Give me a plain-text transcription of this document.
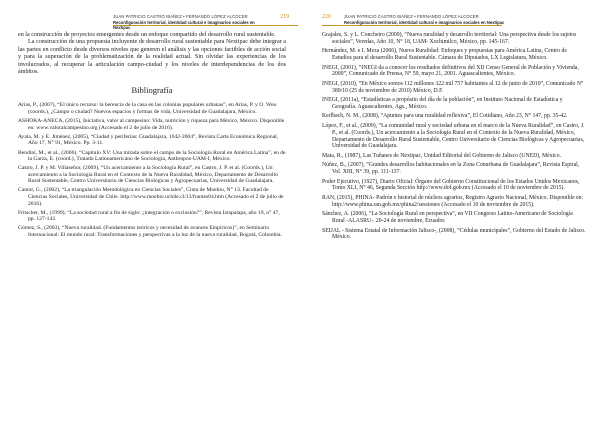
JUAN PATRICIO CASTRO IBÁÑEZ • FERNANDO LÓPEZ ALCOCER
Reconfiguración territorial, identidad cultural e imaginarios sociales en Nextipac
219

en la construcción de proyectos emergentes desde un enfoque compartido del desarrollo rural sustentable.

La construcción de una propuesta incluyente de desarrollo rural sustentable para Nextipac debe integrar a las partes en conflicto desde diversos niveles que generen el análisis y las opciones factibles de acción social y para la superación de la problematización de la realidad actual. Sin olvidar las experiencias de los involucrados, al recuperar la articulación campo-ciudad y los niveles de interdependencias de los dos ámbitos.

Bibliografía

Arias, P., (2007), “El único recurso: la herencia de la casa en las colonias populares urbanas”, en Arias, P. y O. Woo (coords.), ¿Campo o ciudad? Nuevos espacios y formas de vida, Universidad de Guadalajara, México.

ASHOKA-ANECA, (2015), Iniciativa, valor al campesino: Vida, nutrición y riqueza para México, México. Disponible en: www.valoralcampesino.org (Accesado el 2 de julio de 2016).

Ayala, M. y E. Jiménez, (2005), “Ciudad y periferias: Guadalajara, 1642-2004”, Revista Carta Económica Regional, Año 17, N° 91, México. Pp. 3-11.

Bendini, M., et al., (2006), “Capítulo XV: Una mirada sobre el campo de la Sociología Rural en América Latina”, en de la Garza, E. (coord.), Tratado Latinoamericano de Sociología, Anthropos-UAM-I, México.

Castro, J. P. y M. Villaseñor, (2009), “Un acercamiento a la Sociología Rural”, en Castro, J. P. et al. (Coords.), Un acercamiento a la Sociología Rural en el Contexto de la Nueva Ruralidad, México, Departamento de Desarrollo Rural Sustentable, Centro Universitario de Ciencias Biológicas y Agropecuarias, Universidad de Guadalajara.

Cantor, G., (2002), “La triangulación Metodológica en Ciencias Sociales”, Cinta de Moebio, N° 13. Facultad de Ciencias Sociales, Universidad de Chile. http://www.moebio.uchile.cl/13/frames04.htm (Accesado el 2 de julio de 2016).

Fritscher, M., (1999), “La sociedad rural a fin de siglo: ¿integración o exclusión?”, Revista Iztapalapa, año 19, n° 47, pp. 127-142.

Gómez, S., (2003), “Nueva ruralidad. (Fundamentos teóricos y necesidad de avances Empíricos)”, en Seminario Internacional: El mundo rural: Transformaciones y perspectivas a la luz de la nueva ruralidad, Bogotá, Colombia.

220	JUAN PATRICIO CASTRO IBÁÑEZ • FERNANDO LÓPEZ ALCOCER
Reconfiguración territorial, identidad cultural e imaginarios sociales en Nextipac

Grajales, S. y L. Concheiro (2009), “Nueva ruralidad y desarrollo territorial: Una perspectiva desde los sujetos sociales”, Veredas, Año 10, N° 18, UAM- Xochimilco, México, pp. 145-167.

Hernández, M. e I. Meza (2006), Nueva Ruralidad: Enfoques y propuestas para América Latina, Centro de Estudios para el desarrollo Rural Sustentable. Cámara de Diputados, LX Legislatura, México.

INEGI, (2001), “INEGI da a conocer los resultados definitivos del XII Censo General de Población y Vivienda, 2000”, Comunicado de Prensa, N° 59, mayo 21, 2001. Aguascalientes, México.

INEGI, (2010), “En México somos 112 millones 322 mil 757 habitantes al 12 de junio de 2010”, Comunicado N° 389/10 (25 de noviembre de 2010) México, D.F.

INEGI, (2011a), “Estadísticas a propósito del día de la población”, en Instituto Nacional de Estadística y Geografía. Aguascalientes, Ags., México.

Kerlbach, N. M., (2008), “Apuntes para una ruralidad reflexiva”, El Cotidiano, Año 23, N° 147, pp. 35-42.

López, F., et al., (2009), “La comunidad rural y sociedad urbana en el marco de la Nueva Ruralidad”, en Castro, J. P., et al. (Coords.), Un acercamiento a la Sociología Rural en el Contexto de la Nueva Ruralidad, México, Departamento de Desarrollo Rural Sustentable, Centro Universitario de Ciencias Biológicas y Agropecuarias, Universidad de Guadalajara.

Mata, R., (1987), Las Tuñanes de Nextipac, Unidad Editorial del Gobierno de Jalisco (UNED), México.

Núñez, B., (2007), “Grandes desarrollos habitacionales en la Zona Conurbana de Guadalajara”, Revista Espiral, Vol. XIII, N° 39, pp. 111-137.

Poder Ejecutivo, (1927), Diario Oficial: Órgano del Gobierno Constitucional de los Estados Unidos Mexicanos, Tomo XLI, N° 46, Segunda Sección http://www.dof.gob.mx (Accesado el 10 de noviembre de 2015).

RAN, (2015), PHINA- Padrón e historial de núcleos agrarios, Registro Agrario Nacional, México. Disponible en: http://www.phina.ran.gob.mx/phina2/sessiones (Accesado el 10 de noviembre de 2015).

Sánchez, A. (2006), “La Sociología Rural en perspectiva”, en VII Congreso Latino-Americano de Sociología Rural -ALASRU-. 20-24 de noviembre, Ecuador.

SEIJAL - Sistema Estatal de Información Jalisco-, (2008), “Cédulas municipales”, Gobierno del Estado de Jalisco. México.
